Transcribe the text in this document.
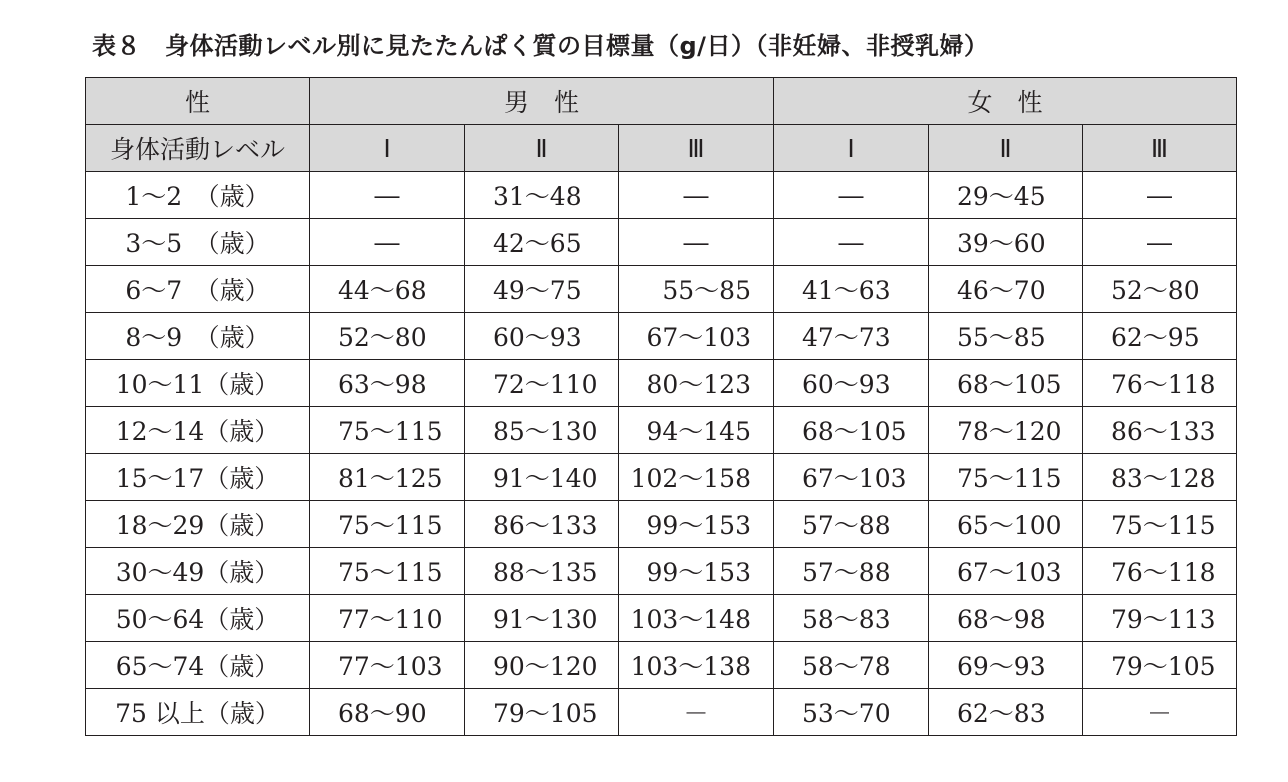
表８ 身体活動レベル別に見たたんぱく質の目標量（g/日）（非妊婦、非授乳婦）
性	男　性			女　性		
身体活動レベル	Ⅰ	Ⅱ	Ⅲ	Ⅰ	Ⅱ	Ⅲ
1～2　（歳）	―	31～48	―	―	29～45	―
3～5　（歳）	―	42～65	―	―	39～60	―
6～7　（歳）	44～68	49～75	55～85	41～63	46～70	52～80
8～9　（歳）	52～80	60～93	67～103	47～73	55～85	62～95
10～11（歳）	63～98	72～110	80～123	60～93	68～105	76～118
12～14（歳）	75～115	85～130	94～145	68～105	78～120	86～133
15～17（歳）	81～125	91～140	102～158	67～103	75～115	83～128
18～29（歳）	75～115	86～133	99～153	57～88	65～100	75～115
30～49（歳）	75～115	88～135	99～153	57～88	67～103	76～118
50～64（歳）	77～110	91～130	103～148	58～83	68～98	79～113
65～74（歳）	77～103	90～120	103～138	58～78	69～93	79～105
75 以上（歳）	68～90	79～105	－	53～70	62～83	－
